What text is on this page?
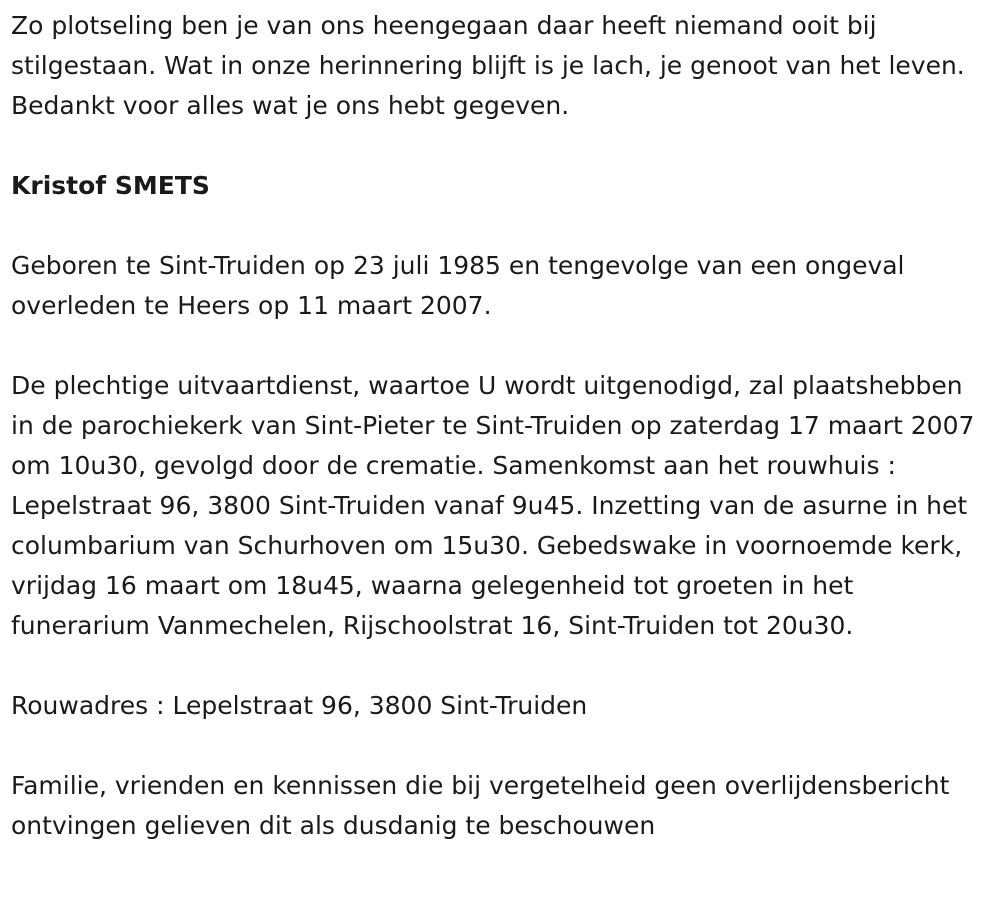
Zo plotseling ben je van ons heengegaan daar heeft niemand ooit bij stilgestaan. Wat in onze herinnering blijft is je lach, je genoot van het leven. Bedankt voor alles wat je ons hebt gegeven.

Kristof SMETS

Geboren te Sint-Truiden op 23 juli 1985 en tengevolge van een ongeval overleden te Heers op 11 maart 2007.

De plechtige uitvaartdienst, waartoe U wordt uitgenodigd, zal plaatshebben in de parochiekerk van Sint-Pieter te Sint-Truiden op zaterdag 17 maart 2007 om 10u30, gevolgd door de crematie. Samenkomst aan het rouwhuis : Lepelstraat 96, 3800 Sint-Truiden vanaf 9u45. Inzetting van de asurne in het columbarium van Schurhoven om 15u30. Gebedswake in voornoemde kerk, vrijdag 16 maart om 18u45, waarna gelegenheid tot groeten in het funerarium Vanmechelen, Rijschoolstrat 16, Sint-Truiden tot 20u30.

Rouwadres : Lepelstraat 96, 3800 Sint-Truiden

Familie, vrienden en kennissen die bij vergetelheid geen overlijdensbericht ontvingen gelieven dit als dusdanig te beschouwen
